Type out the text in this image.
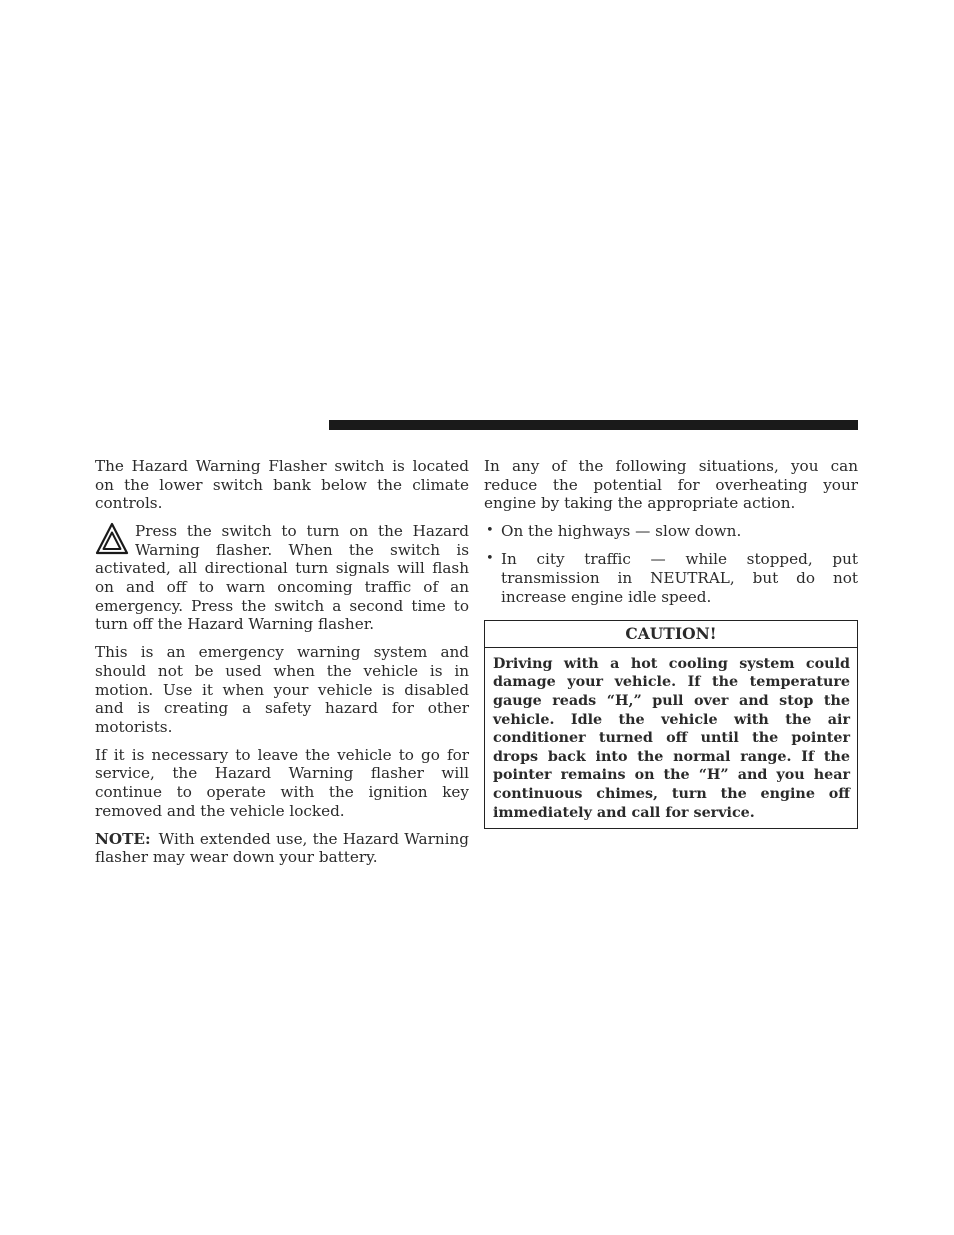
The Hazard Warning Flasher switch is located on the lower switch bank below the climate controls.

Press the switch to turn on the Hazard Warning flasher. When the switch is activated, all directional turn signals will flash on and off to warn oncoming traffic of an emergency. Press the switch a second time to turn off the Hazard Warning flasher.

This is an emergency warning system and should not be used when the vehicle is in motion. Use it when your vehicle is disabled and is creating a safety hazard for other motorists.

If it is necessary to leave the vehicle to go for service, the Hazard Warning flasher will continue to operate with the ignition key removed and the vehicle locked.

NOTE: With extended use, the Hazard Warning flasher may wear down your battery.

In any of the following situations, you can reduce the potential for overheating your engine by taking the appropriate action.

• On the highways — slow down.
• In city traffic — while stopped, put transmission in NEUTRAL, but do not increase engine idle speed.
CAUTION!
Driving with a hot cooling system could damage your vehicle. If the temperature gauge reads “H,” pull over and stop the vehicle. Idle the vehicle with the air conditioner turned off until the pointer drops back into the normal range. If the pointer remains on the “H” and you hear continuous chimes, turn the engine off immediately and call for service.
